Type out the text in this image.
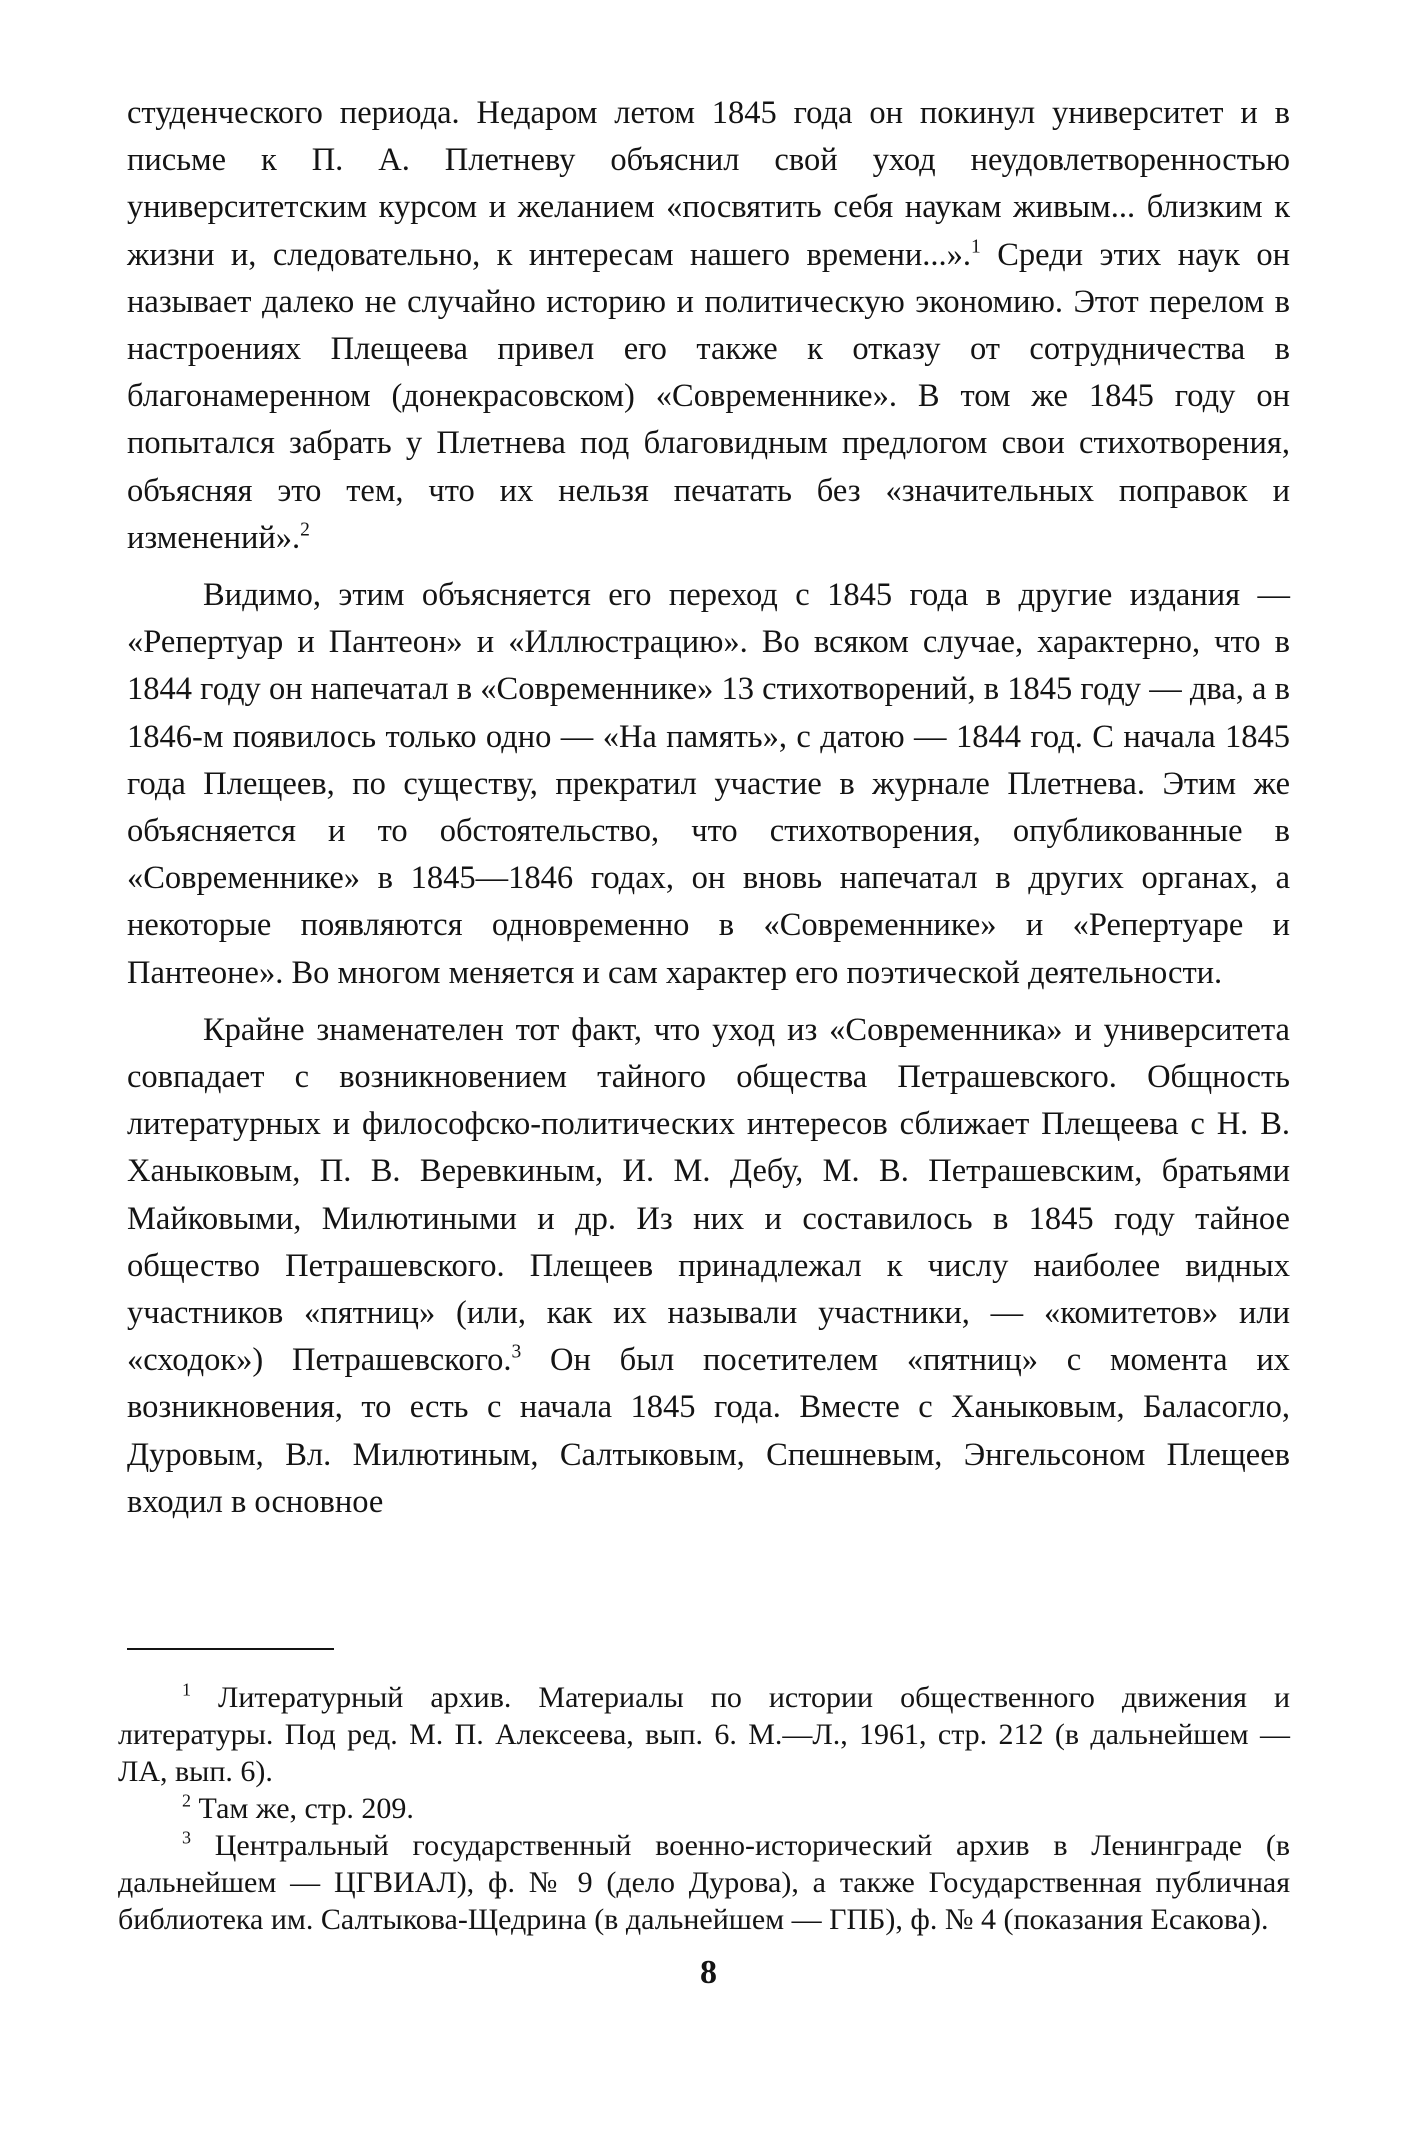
студенческого периода. Недаром летом 1845 года он покинул университет и в письме к П. А. Плетневу объяснил свой уход неудовлетворенностью университетским курсом и желанием «посвятить себя наукам живым... близким к жизни и, следовательно, к интересам нашего времени...».$^1$ Среди этих наук он называет далеко не случайно историю и политическую экономию. Этот перелом в настроениях Плещеева привел его также к отказу от сотрудничества в благонамеренном (донекрасовском) «Современнике». В том же 1845 году он попытался забрать у Плетнева под благовидным предлогом свои стихотворения, объясняя это тем, что их нельзя печатать без «значительных поправок и изменений».$^2$

Видимо, этим объясняется его переход с 1845 года в другие издания — «Репертуар и Пантеон» и «Иллюстрацию». Во всяком случае, характерно, что в 1844 году он напечатал в «Современнике» 13 стихотворений, в 1845 году — два, а в 1846-м появилось только одно — «На память», с датою — 1844 год. С начала 1845 года Плещеев, по существу, прекратил участие в журнале Плетнева. Этим же объясняется и то обстоятельство, что стихотворения, опубликованные в «Современнике» в 1845—1846 годах, он вновь напечатал в других органах, а некоторые появляются одновременно в «Современнике» и «Репертуаре и Пантеоне». Во многом меняется и сам характер его поэтической деятельности.

Крайне знаменателен тот факт, что уход из «Современника» и университета совпадает с возникновением тайного общества Петрашевского. Общность литературных и философско-политических интересов сближает Плещеева с Н. В. Ханыковым, П. В. Веревкиным, И. М. Дебу, М. В. Петрашевским, братьями Майковыми, Милютиными и др. Из них и составилось в 1845 году тайное общество Петрашевского. Плещеев принадлежал к числу наиболее видных участников «пятниц» (или, как их называли участники, — «комитетов» или «сходок») Петрашевского.$^3$ Он был посетителем «пятниц» с момента их возникновения, то есть с начала 1845 года. Вместе с Ханыковым, Баласогло, Дуровым, Вл. Милютиным, Салтыковым, Спешневым, Энгельсоном Плещеев входил в основное

$^1$ Литературный архив. Материалы по истории общественного движения и литературы. Под ред. М. П. Алексеева, вып. 6. М.—Л., 1961, стр. 212 (в дальнейшем — ЛА, вып. 6).

$^2$ Там же, стр. 209.

$^3$ Центральный государственный военно-исторический архив в Ленинграде (в дальнейшем — ЦГВИАЛ), ф. № 9 (дело Дурова), а также Государственная публичная библиотека им. Салтыкова-Щедрина (в дальнейшем — ГПБ), ф. № 4 (показания Есакова).

8
